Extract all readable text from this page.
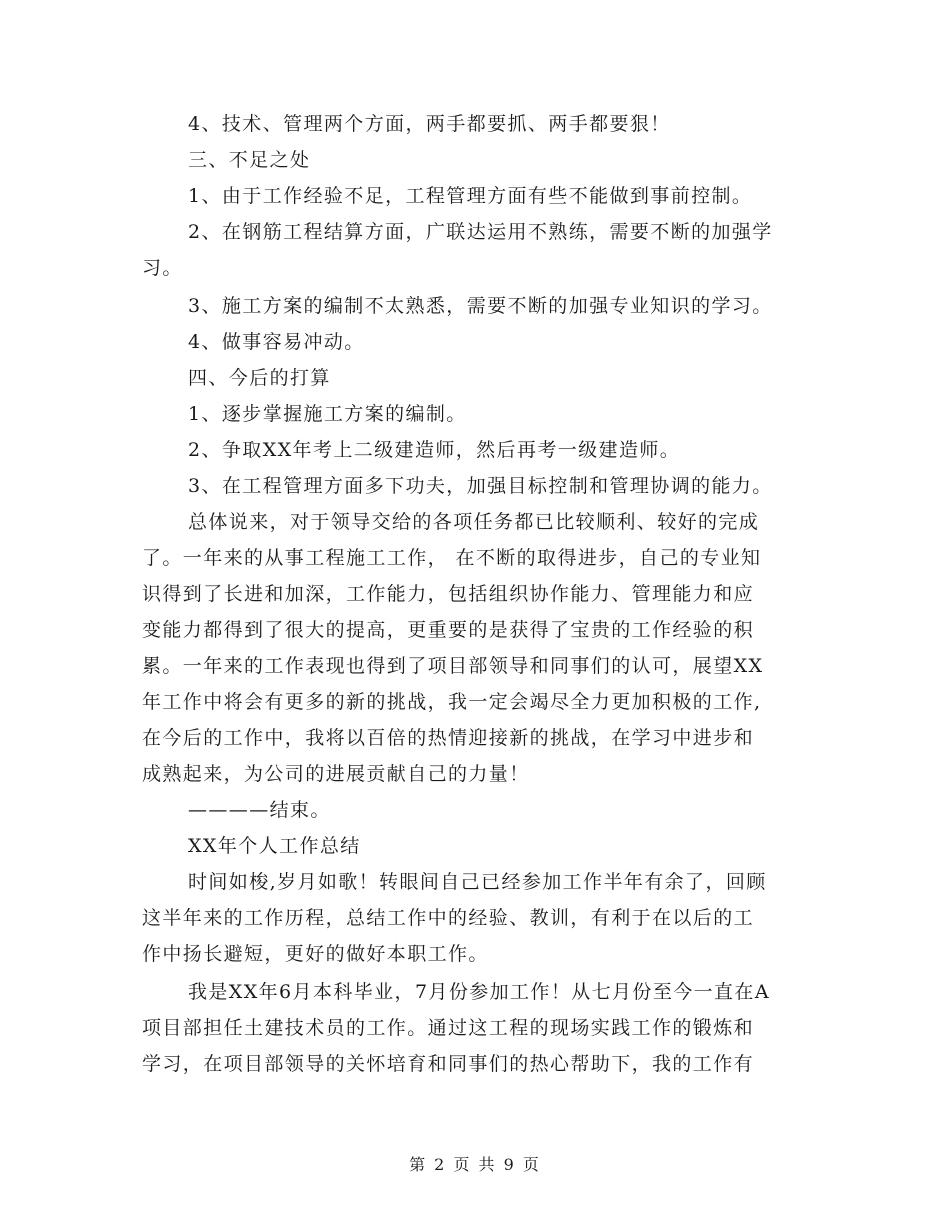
4、技术、管理两个方面，两手都要抓、两手都要狠！
三、不足之处
1、由于工作经验不足，工程管理方面有些不能做到事前控制。
2、在钢筋工程结算方面，广联达运用不熟练，需要不断的加强学
习。
3、施工方案的编制不太熟悉，需要不断的加强专业知识的学习。
4、做事容易冲动。
四、今后的打算
1、逐步掌握施工方案的编制。
2、争取XX年考上二级建造师，然后再考一级建造师。
3、在工程管理方面多下功夫，加强目标控制和管理协调的能力。
总体说来，对于领导交给的各项任务都已比较顺利、较好的完成
了。一年来的从事工程施工工作， 在不断的取得进步，自己的专业知
识得到了长进和加深，工作能力，包括组织协作能力、管理能力和应
变能力都得到了很大的提高，更重要的是获得了宝贵的工作经验的积
累。一年来的工作表现也得到了项目部领导和同事们的认可，展望XX
年工作中将会有更多的新的挑战，我一定会竭尽全力更加积极的工作,
在今后的工作中，我将以百倍的热情迎接新的挑战，在学习中进步和
成熟起来，为公司的进展贡献自己的力量！
————结束。
XX年个人工作总结
时间如梭,岁月如歌！转眼间自己已经参加工作半年有余了，回顾
这半年来的工作历程，总结工作中的经验、教训，有利于在以后的工
作中扬长避短，更好的做好本职工作。
我是XX年6月本科毕业，7月份参加工作！从七月份至今一直在A
项目部担任土建技术员的工作。通过这工程的现场实践工作的锻炼和
学习，在项目部领导的关怀培育和同事们的热心帮助下，我的工作有
第 2 页 共 9 页
